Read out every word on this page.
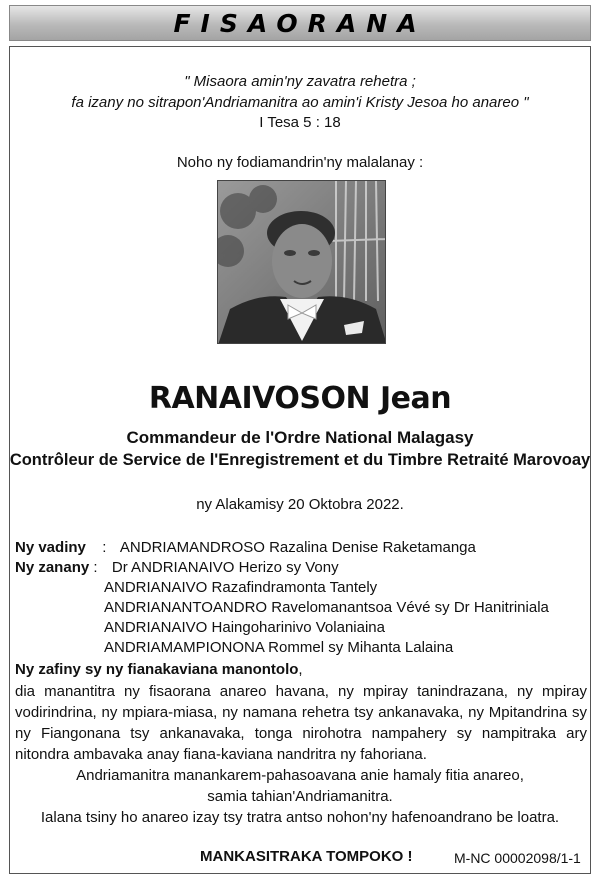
FISAORANA
" Misaora amin'ny zavatra rehetra ;
fa izany no sitrapon'Andriamanitra ao amin'i Kristy Jesoa ho anareo "
I Tesa 5 : 18
Noho ny fodiamandrin'ny malalanay :
RANAIVOSON Jean
Commandeur de l'Ordre National Malagasy
Contrôleur de Service de l'Enregistrement et du Timbre Retraité Marovoay
ny Alakamisy 20 Oktobra 2022.
Ny vadiny : ANDRIAMANDROSO Razalina Denise Raketamanga
Ny zanany : Dr ANDRIANAIVO Herizo sy Vony
ANDRIANAIVO Razafindramonta Tantely
ANDRIANANTOANDRO Ravelomanantsoa Vévé sy Dr Hanitriniala
ANDRIANAIVO Haingoharinivo Volaniaina
ANDRIAMAMPIONONA Rommel sy Mihanta Lalaina
Ny zafiny sy ny fianakaviana manontolo,
dia manantitra ny fisaorana anareo havana, ny mpiray tanindrazana, ny mpiray vodirindrina, ny mpiara-miasa, ny namana rehetra tsy ankanavaka, ny Mpitandrina sy ny Fiangonana tsy ankanavaka, tonga nirohotra nampahery sy nampitraka ary nitondra ambavaka anay fiana-kaviana nandritra ny fahoriana.
Andriamanitra manankarem-pahasoavana anie hamaly fitia anareo,
samia tahian'Andriamanitra.
Ialana tsiny ho anareo izay tsy tratra antso nohon'ny hafenoandrano be loatra.
MANKASITRAKA TOMPOKO !	M-NC 00002098/1-1
